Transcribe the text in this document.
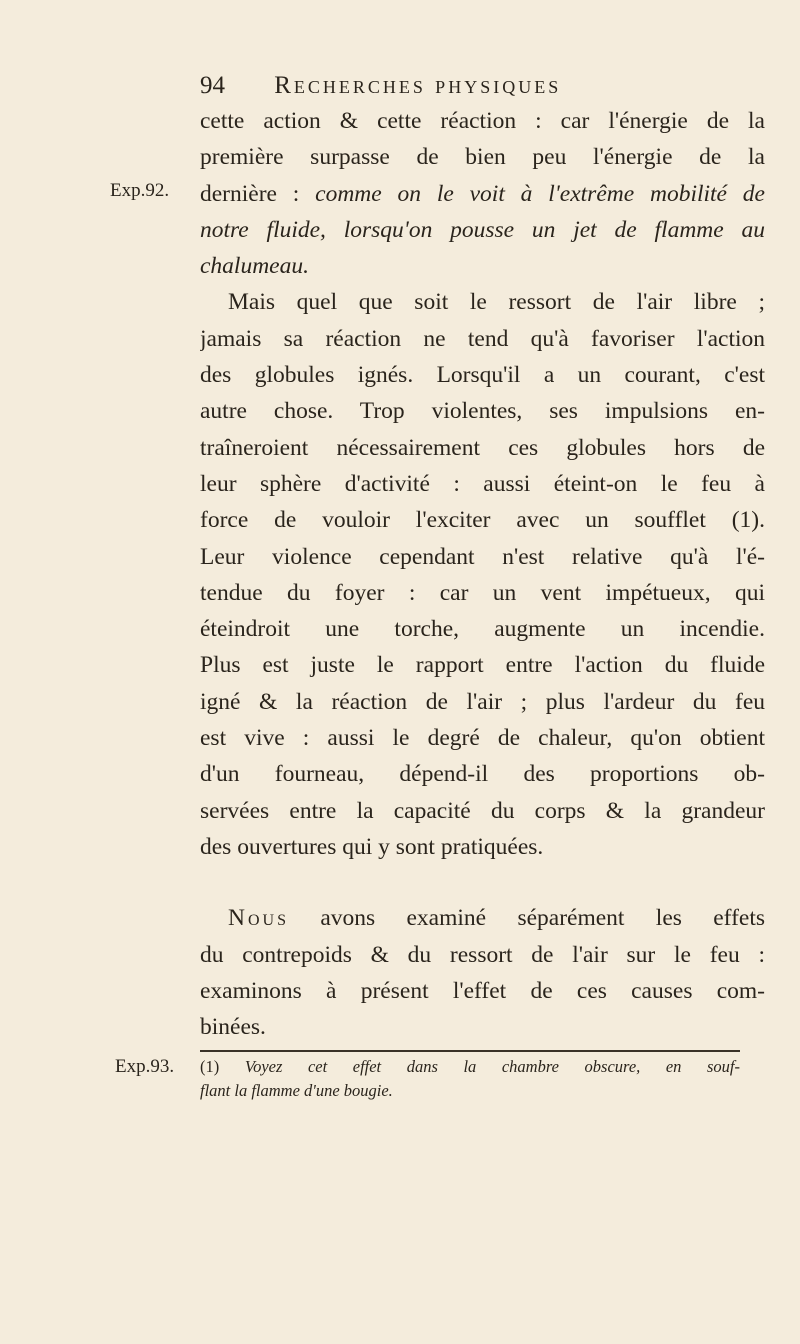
94 Recherches physiques
Exp.92.
Exp.93.
cette action & cette réaction : car l'énergie de la
première surpasse de bien peu l'énergie de la
dernière : comme on le voit à l'extrême mobilité de
notre fluide, lorsqu'on pousse un jet de flamme au
chalumeau.
Mais quel que soit le ressort de l'air libre ;
jamais sa réaction ne tend qu'à favoriser l'action
des globules ignés. Lorsqu'il a un courant, c'est
autre chose. Trop violentes, ses impulsions en-
traîneroient nécessairement ces globules hors de
leur sphère d'activité : aussi éteint-on le feu à
force de vouloir l'exciter avec un soufflet (1).
Leur violence cependant n'est relative qu'à l'é-
tendue du foyer : car un vent impétueux, qui
éteindroit une torche, augmente un incendie.
Plus est juste le rapport entre l'action du fluide
igné & la réaction de l'air ; plus l'ardeur du feu
est vive : aussi le degré de chaleur, qu'on obtient
d'un fourneau, dépend-il des proportions ob-
servées entre la capacité du corps & la grandeur
des ouvertures qui y sont pratiquées.
Nous avons examiné séparément les effets
du contrepoids & du ressort de l'air sur le feu :
examinons à présent l'effet de ces causes com-
binées.
(1) Voyez cet effet dans la chambre obscure, en souf-
flant la flamme d'une bougie.
